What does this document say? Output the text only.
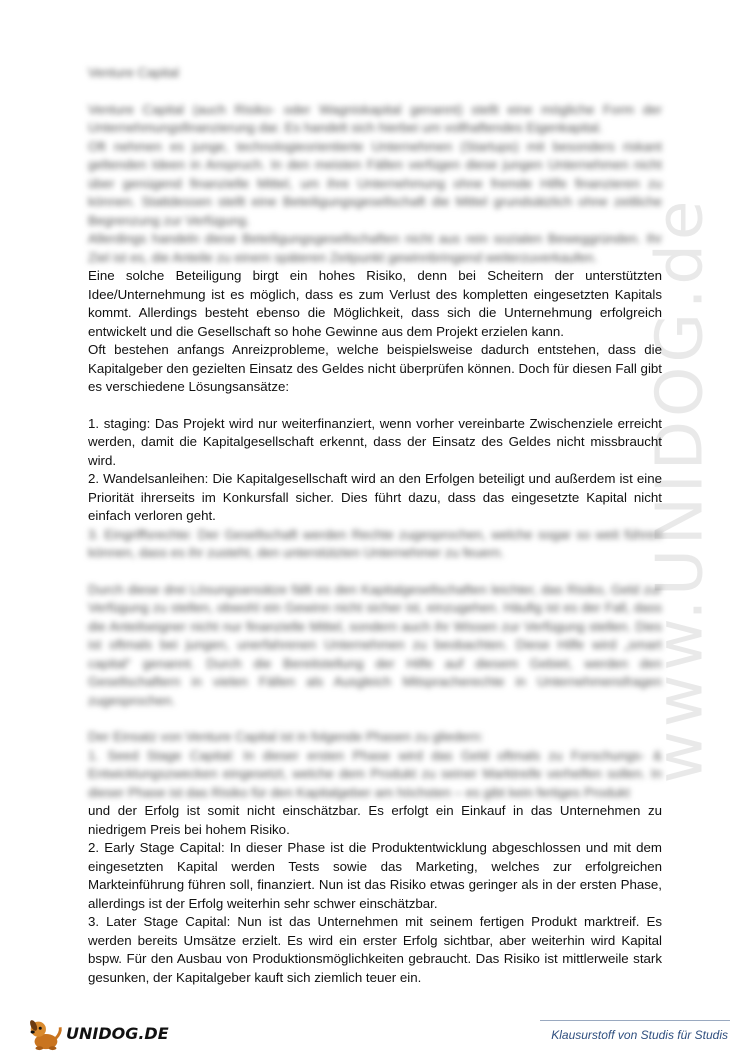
www.UNIDOG.de

Venture Capital

Venture Capital (auch Risiko- oder Wagniskapital genannt) stellt eine mögliche Form der Unternehmungsfinanzierung dar. Es handelt sich hierbei um vollhaftendes Eigenkapital.

Oft nehmen es junge, technologieorientierte Unternehmen (Startups) mit besonders riskant geltenden Ideen in Anspruch. In den meisten Fällen verfügen diese jungen Unternehmen nicht über genügend finanzielle Mittel, um ihre Unternehmung ohne fremde Hilfe finanzieren zu können. Stattdessen stellt eine Beteiligungsgesellschaft die Mittel grundsätzlich ohne zeitliche Begrenzung zur Verfügung.

Allerdings handeln diese Beteiligungsgesellschaften nicht aus rein sozialen Beweggründen. Ihr Ziel ist es, die Anteile zu einem späteren Zeitpunkt gewinnbringend weiterzuverkaufen.

Eine solche Beteiligung birgt ein hohes Risiko, denn bei Scheitern der unterstützten Idee/Unternehmung ist es möglich, dass es zum Verlust des kompletten eingesetzten Kapitals kommt. Allerdings besteht ebenso die Möglichkeit, dass sich die Unternehmung erfolgreich entwickelt und die Gesellschaft so hohe Gewinne aus dem Projekt erzielen kann.

Oft bestehen anfangs Anreizprobleme, welche beispielsweise dadurch entstehen, dass die Kapitalgeber den gezielten Einsatz des Geldes nicht überprüfen können. Doch für diesen Fall gibt es verschiedene Lösungsansätze:

1. staging: Das Projekt wird nur weiterfinanziert, wenn vorher vereinbarte Zwischenziele erreicht werden, damit die Kapitalgesellschaft erkennt, dass der Einsatz des Geldes nicht missbraucht wird.

2. Wandelsanleihen: Die Kapitalgesellschaft wird an den Erfolgen beteiligt und außerdem ist eine Priorität ihrerseits im Konkursfall sicher. Dies führt dazu, dass das eingesetzte Kapital nicht einfach verloren geht.

3. Eingriffsrechte: Der Gesellschaft werden Rechte zugesprochen, welche sogar so weit führen können, dass es ihr zusteht, den unterstützten Unternehmer zu feuern.

Durch diese drei Lösungsansätze fällt es den Kapitalgesellschaften leichter, das Risiko, Geld zur Verfügung zu stellen, obwohl ein Gewinn nicht sicher ist, einzugehen. Häufig ist es der Fall, dass die Anteilseigner nicht nur finanzielle Mittel, sondern auch ihr Wissen zur Verfügung stellen. Dies ist oftmals bei jungen, unerfahrenen Unternehmen zu beobachten. Diese Hilfe wird „smart capital“ genannt. Durch die Bereitstellung der Hilfe auf diesem Gebiet, werden den Gesellschaftern in vielen Fällen als Ausgleich Mitspracherechte in Unternehmensfragen zugesprochen.

Der Einsatz von Venture Capital ist in folgende Phasen zu gliedern:

1. Seed Stage Capital: In dieser ersten Phase wird das Geld oftmals zu Forschungs- & Entwicklungszwecken eingesetzt, welche dem Produkt zu seiner Marktreife verhelfen sollen. In dieser Phase ist das Risiko für den Kapitalgeber am höchsten – es gibt kein fertiges Produkt

und der Erfolg ist somit nicht einschätzbar. Es erfolgt ein Einkauf in das Unternehmen zu niedrigem Preis bei hohem Risiko.

2. Early Stage Capital: In dieser Phase ist die Produktentwicklung abgeschlossen und mit dem eingesetzten Kapital werden Tests sowie das Marketing, welches zur erfolgreichen Markteinführung führen soll, finanziert. Nun ist das Risiko etwas geringer als in der ersten Phase, allerdings ist der Erfolg weiterhin sehr schwer einschätzbar.

3. Later Stage Capital: Nun ist das Unternehmen mit seinem fertigen Produkt marktreif. Es werden bereits Umsätze erzielt. Es wird ein erster Erfolg sichtbar, aber weiterhin wird Kapital bspw. Für den Ausbau von Produktionsmöglichkeiten gebraucht. Das Risiko ist mittlerweile stark gesunken, der Kapitalgeber kauft sich ziemlich teuer ein.

UNIDOG.DE	Klausurstoff von Studis für Studis
